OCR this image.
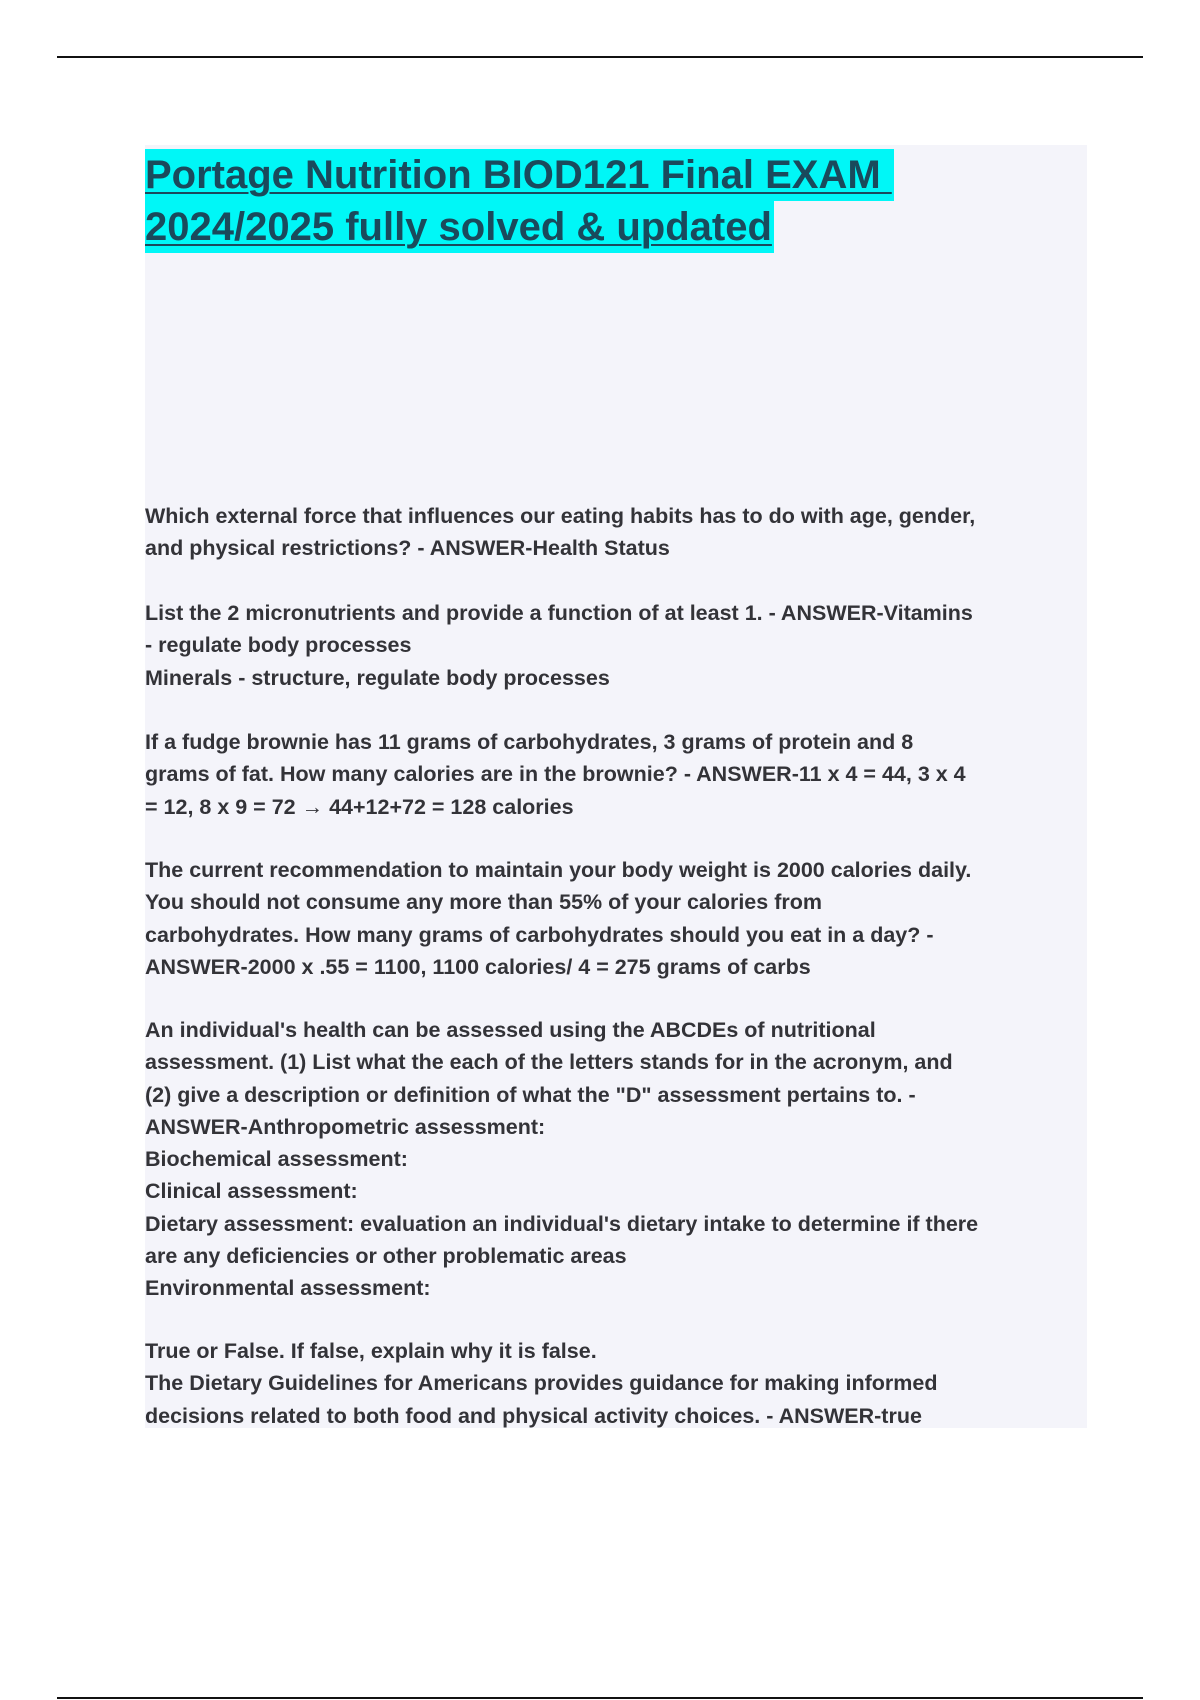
Portage Nutrition BIOD121 Final EXAM
2024/2025 fully solved & updated

Which external force that influences our eating habits has to do with age, gender,

and physical restrictions? - ANSWER-Health Status

List the 2 micronutrients and provide a function of at least 1. - ANSWER-Vitamins

- regulate body processes

Minerals - structure, regulate body processes

If a fudge brownie has 11 grams of carbohydrates, 3 grams of protein and 8

grams of fat. How many calories are in the brownie? - ANSWER-11 x 4 = 44, 3 x 4

= 12, 8 x 9 = 72 → 44+12+72 = 128 calories

The current recommendation to maintain your body weight is 2000 calories daily.

You should not consume any more than 55% of your calories from

carbohydrates. How many grams of carbohydrates should you eat in a day? -

ANSWER-2000 x .55 = 1100, 1100 calories/ 4 = 275 grams of carbs

An individual's health can be assessed using the ABCDEs of nutritional

assessment. (1) List what the each of the letters stands for in the acronym, and

(2) give a description or definition of what the "D" assessment pertains to. -

ANSWER-Anthropometric assessment:

Biochemical assessment:

Clinical assessment:

Dietary assessment: evaluation an individual's dietary intake to determine if there

are any deficiencies or other problematic areas

Environmental assessment:

True or False. If false, explain why it is false.

The Dietary Guidelines for Americans provides guidance for making informed

decisions related to both food and physical activity choices. - ANSWER-true
